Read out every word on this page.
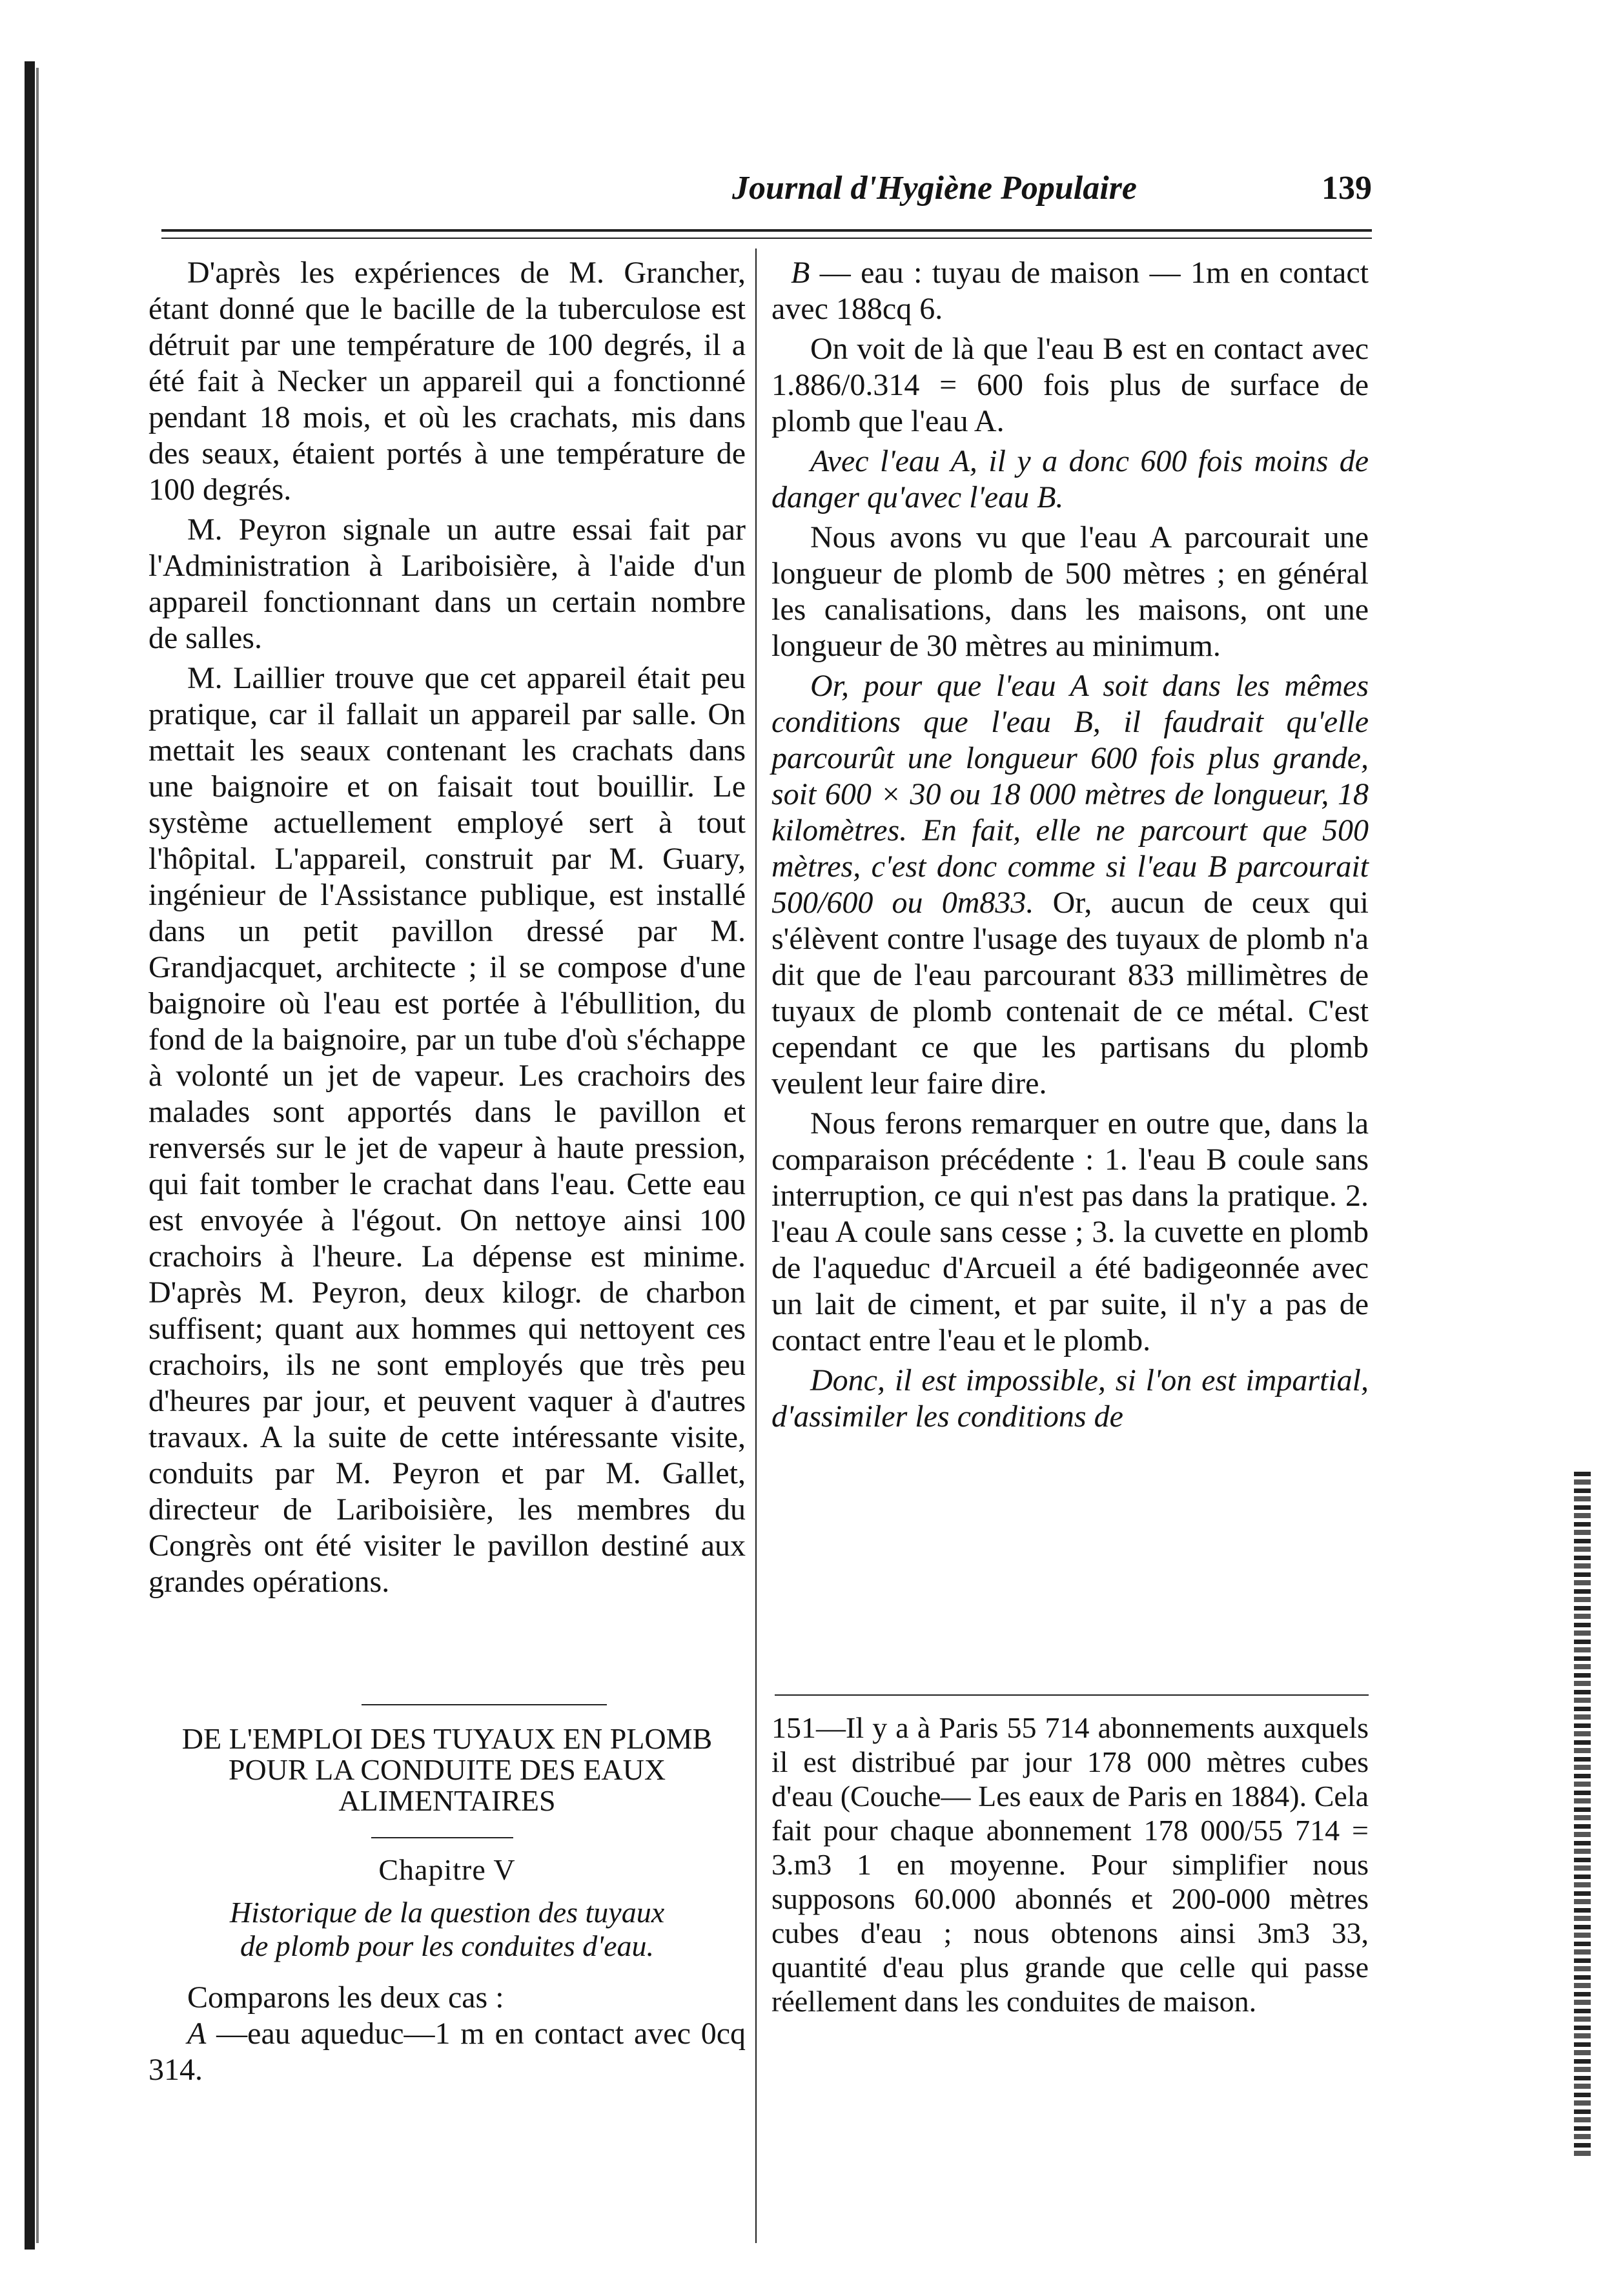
Journal d'Hygiène Populaire	139

D'après les expériences de M. Grancher, étant donné que le bacille de la tuberculose est détruit par une température de 100 degrés, il a été fait à Necker un appareil qui a fonctionné pendant 18 mois, et où les crachats, mis dans des seaux, étaient portés à une température de 100 degrés.

M. Peyron signale un autre essai fait par l'Administration à Lariboisière, à l'aide d'un appareil fonctionnant dans un certain nombre de salles.

M. Laillier trouve que cet appareil était peu pratique, car il fallait un appareil par salle. On mettait les seaux contenant les crachats dans une baignoire et on faisait tout bouillir. Le système actuellement employé sert à tout l'hôpital. L'appareil, construit par M. Guary, ingénieur de l'Assistance publique, est installé dans un petit pavillon dressé par M. Grandjacquet, architecte ; il se compose d'une baignoire où l'eau est portée à l'ébullition, du fond de la baignoire, par un tube d'où s'échappe à volonté un jet de vapeur. Les crachoirs des malades sont apportés dans le pavillon et renversés sur le jet de vapeur à haute pression, qui fait tomber le crachat dans l'eau. Cette eau est envoyée à l'égout. On nettoye ainsi 100 crachoirs à l'heure. La dépense est minime. D'après M. Peyron, deux kilogr. de charbon suffisent; quant aux hommes qui nettoyent ces crachoirs, ils ne sont employés que très peu d'heures par jour, et peuvent vaquer à d'autres travaux. A la suite de cette intéressante visite, conduits par M. Peyron et par M. Gallet, directeur de Lariboisière, les membres du Congrès ont été visiter le pavillon destiné aux grandes opérations.

DE L'EMPLOI DES TUYAUX EN PLOMB
POUR LA CONDUITE DES EAUX
ALIMENTAIRES
Chapitre V
Historique de la question des tuyaux
de plomb pour les conduites d'eau.

Comparons les deux cas :

A —eau aqueduc—1 m en contact avec 0cq 314.

B — eau : tuyau de maison — 1m en contact avec 188cq 6.

On voit de là que l'eau B est en contact avec 1.886/0.314 = 600 fois plus de surface de plomb que l'eau A.

Avec l'eau A, il y a donc 600 fois moins de danger qu'avec l'eau B.

Nous avons vu que l'eau A parcourait une longueur de plomb de 500 mètres ; en général les canalisations, dans les maisons, ont une longueur de 30 mètres au minimum.

Or, pour que l'eau A soit dans les mêmes conditions que l'eau B, il faudrait qu'elle parcourût une longueur 600 fois plus grande, soit 600 × 30 ou 18 000 mètres de longueur, 18 kilomètres. En fait, elle ne parcourt que 500 mètres, c'est donc comme si l'eau B parcourait 500/600 ou 0m833. Or, aucun de ceux qui s'élèvent contre l'usage des tuyaux de plomb n'a dit que de l'eau parcourant 833 millimètres de tuyaux de plomb contenait de ce métal. C'est cependant ce que les partisans du plomb veulent leur faire dire.

Nous ferons remarquer en outre que, dans la comparaison précédente : 1. l'eau B coule sans interruption, ce qui n'est pas dans la pratique. 2. l'eau A coule sans cesse ; 3. la cuvette en plomb de l'aqueduc d'Arcueil a été badigeonnée avec un lait de ciment, et par suite, il n'y a pas de contact entre l'eau et le plomb.

Donc, il est impossible, si l'on est impartial, d'assimiler les conditions de

151—Il y a à Paris 55 714 abonnements auxquels il est distribué par jour 178 000 mètres cubes d'eau (Couche— Les eaux de Paris en 1884). Cela fait pour chaque abonnement 178 000/55 714 = 3.m3 1 en moyenne. Pour simplifier nous supposons 60.000 abonnés et 200-000 mètres cubes d'eau ; nous obtenons ainsi 3m3 33, quantité d'eau plus grande que celle qui passe réellement dans les conduites de maison.
